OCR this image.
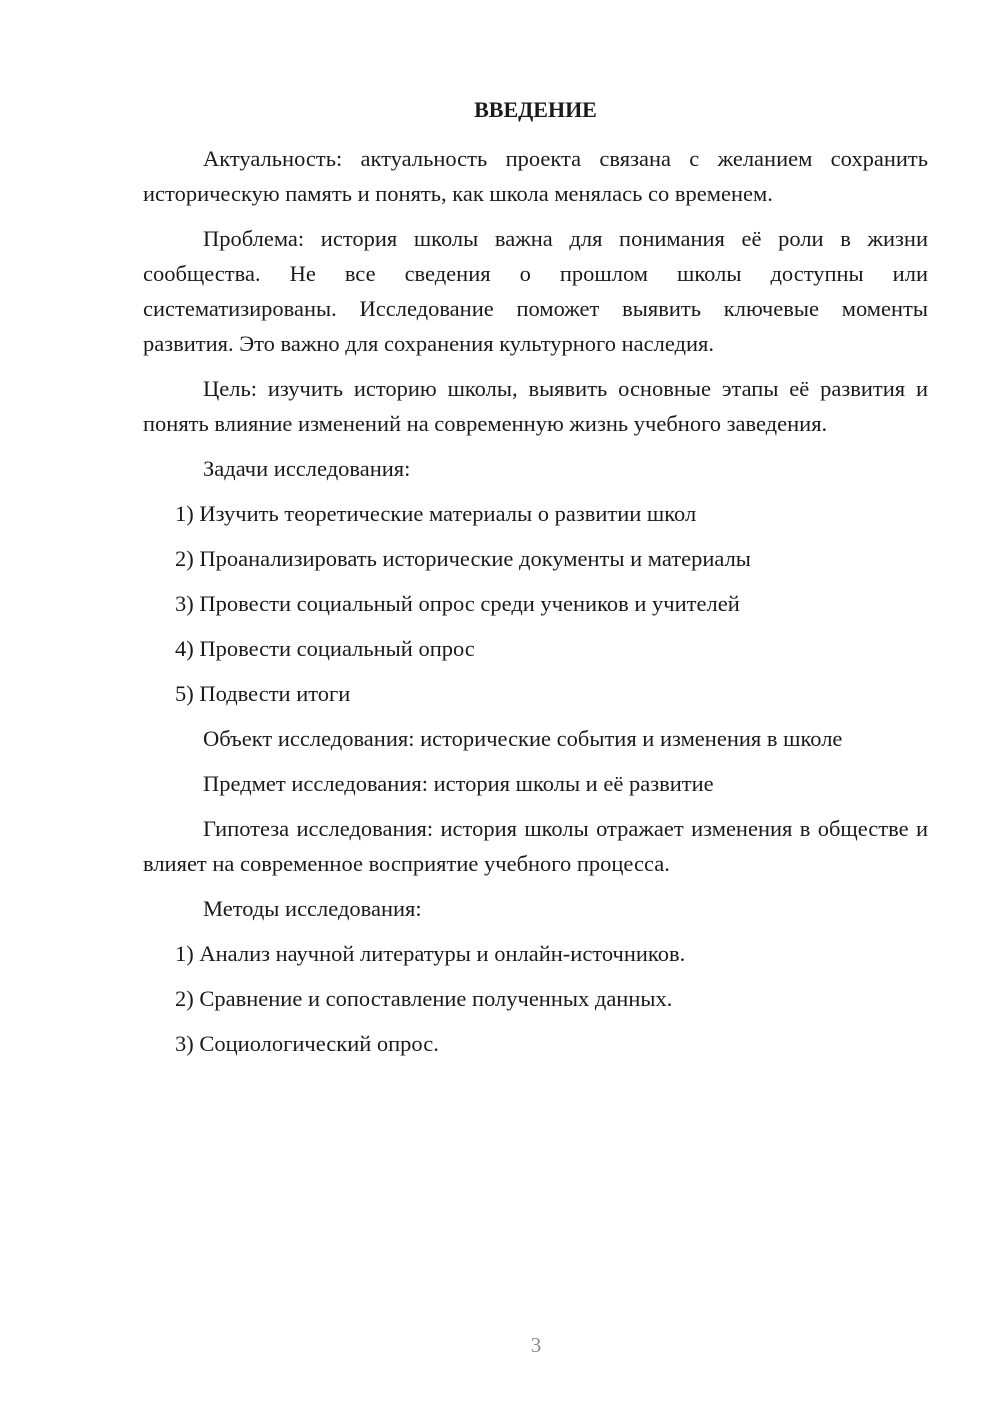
ВВЕДЕНИЕ

Актуальность: актуальность проекта связана с желанием сохранить историческую память и понять, как школа менялась со временем.

Проблема: история школы важна для понимания её роли в жизни сообщества. Не все сведения о прошлом школы доступны или систематизированы. Исследование поможет выявить ключевые моменты развития. Это важно для сохранения культурного наследия.

Цель: изучить историю школы, выявить основные этапы её развития и понять влияние изменений на современную жизнь учебного заведения.

Задачи исследования:

1) Изучить теоретические материалы о развитии школ

2) Проанализировать исторические документы и материалы

3) Провести социальный опрос среди учеников и учителей

4) Провести социальный опрос

5) Подвести итоги

Объект исследования: исторические события и изменения в школе

Предмет исследования: история школы и её развитие

Гипотеза исследования: история школы отражает изменения в обществе и влияет на современное восприятие учебного процесса.

Методы исследования:

1) Анализ научной литературы и онлайн-источников.

2) Сравнение и сопоставление полученных данных.

3) Социологический опрос.

3
